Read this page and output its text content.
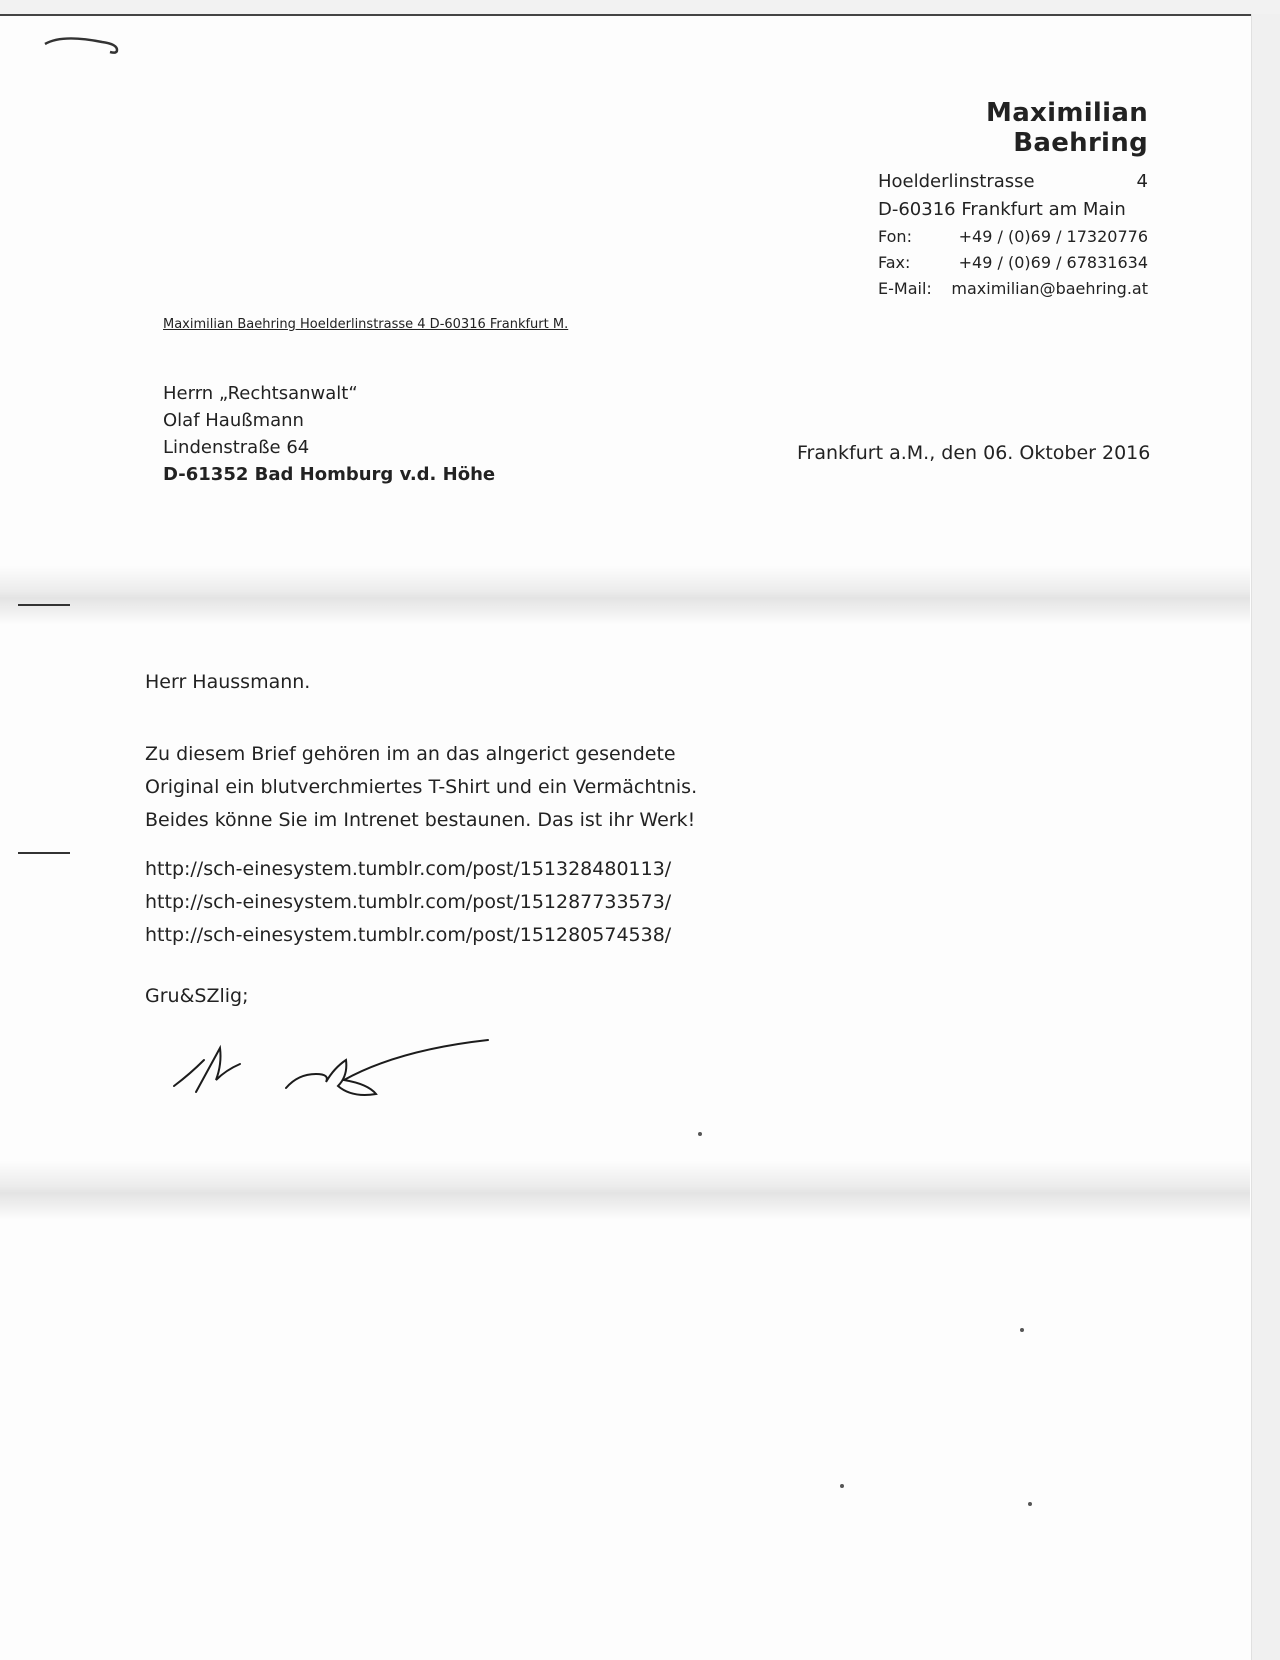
Maximilian Baehring
Hoelderlinstrasse	4
D-60316 Frankfurt am Main
Fon:	+49 / (0)69 / 17320776
Fax:	+49 / (0)69 / 67831634
E-Mail:	maximilian@baehring.at
Maximilian Baehring Hoelderlinstrasse 4 D-60316 Frankfurt M.
Herrn „Rechtsanwalt“
Olaf Haußmann
Lindenstraße 64
D-61352 Bad Homburg v.d. Höhe
Frankfurt a.M., den 06. Oktober 2016
Herr Haussmann.
Zu diesem Brief gehören im an das alngerict gesendete
Original ein blutverchmiertes T-Shirt und ein Vermächtnis.
Beides könne Sie im Intrenet bestaunen. Das ist ihr Werk!
http://sch-einesystem.tumblr.com/post/151328480113/
http://sch-einesystem.tumblr.com/post/151287733573/
http://sch-einesystem.tumblr.com/post/151280574538/
Gru&SZlig;
